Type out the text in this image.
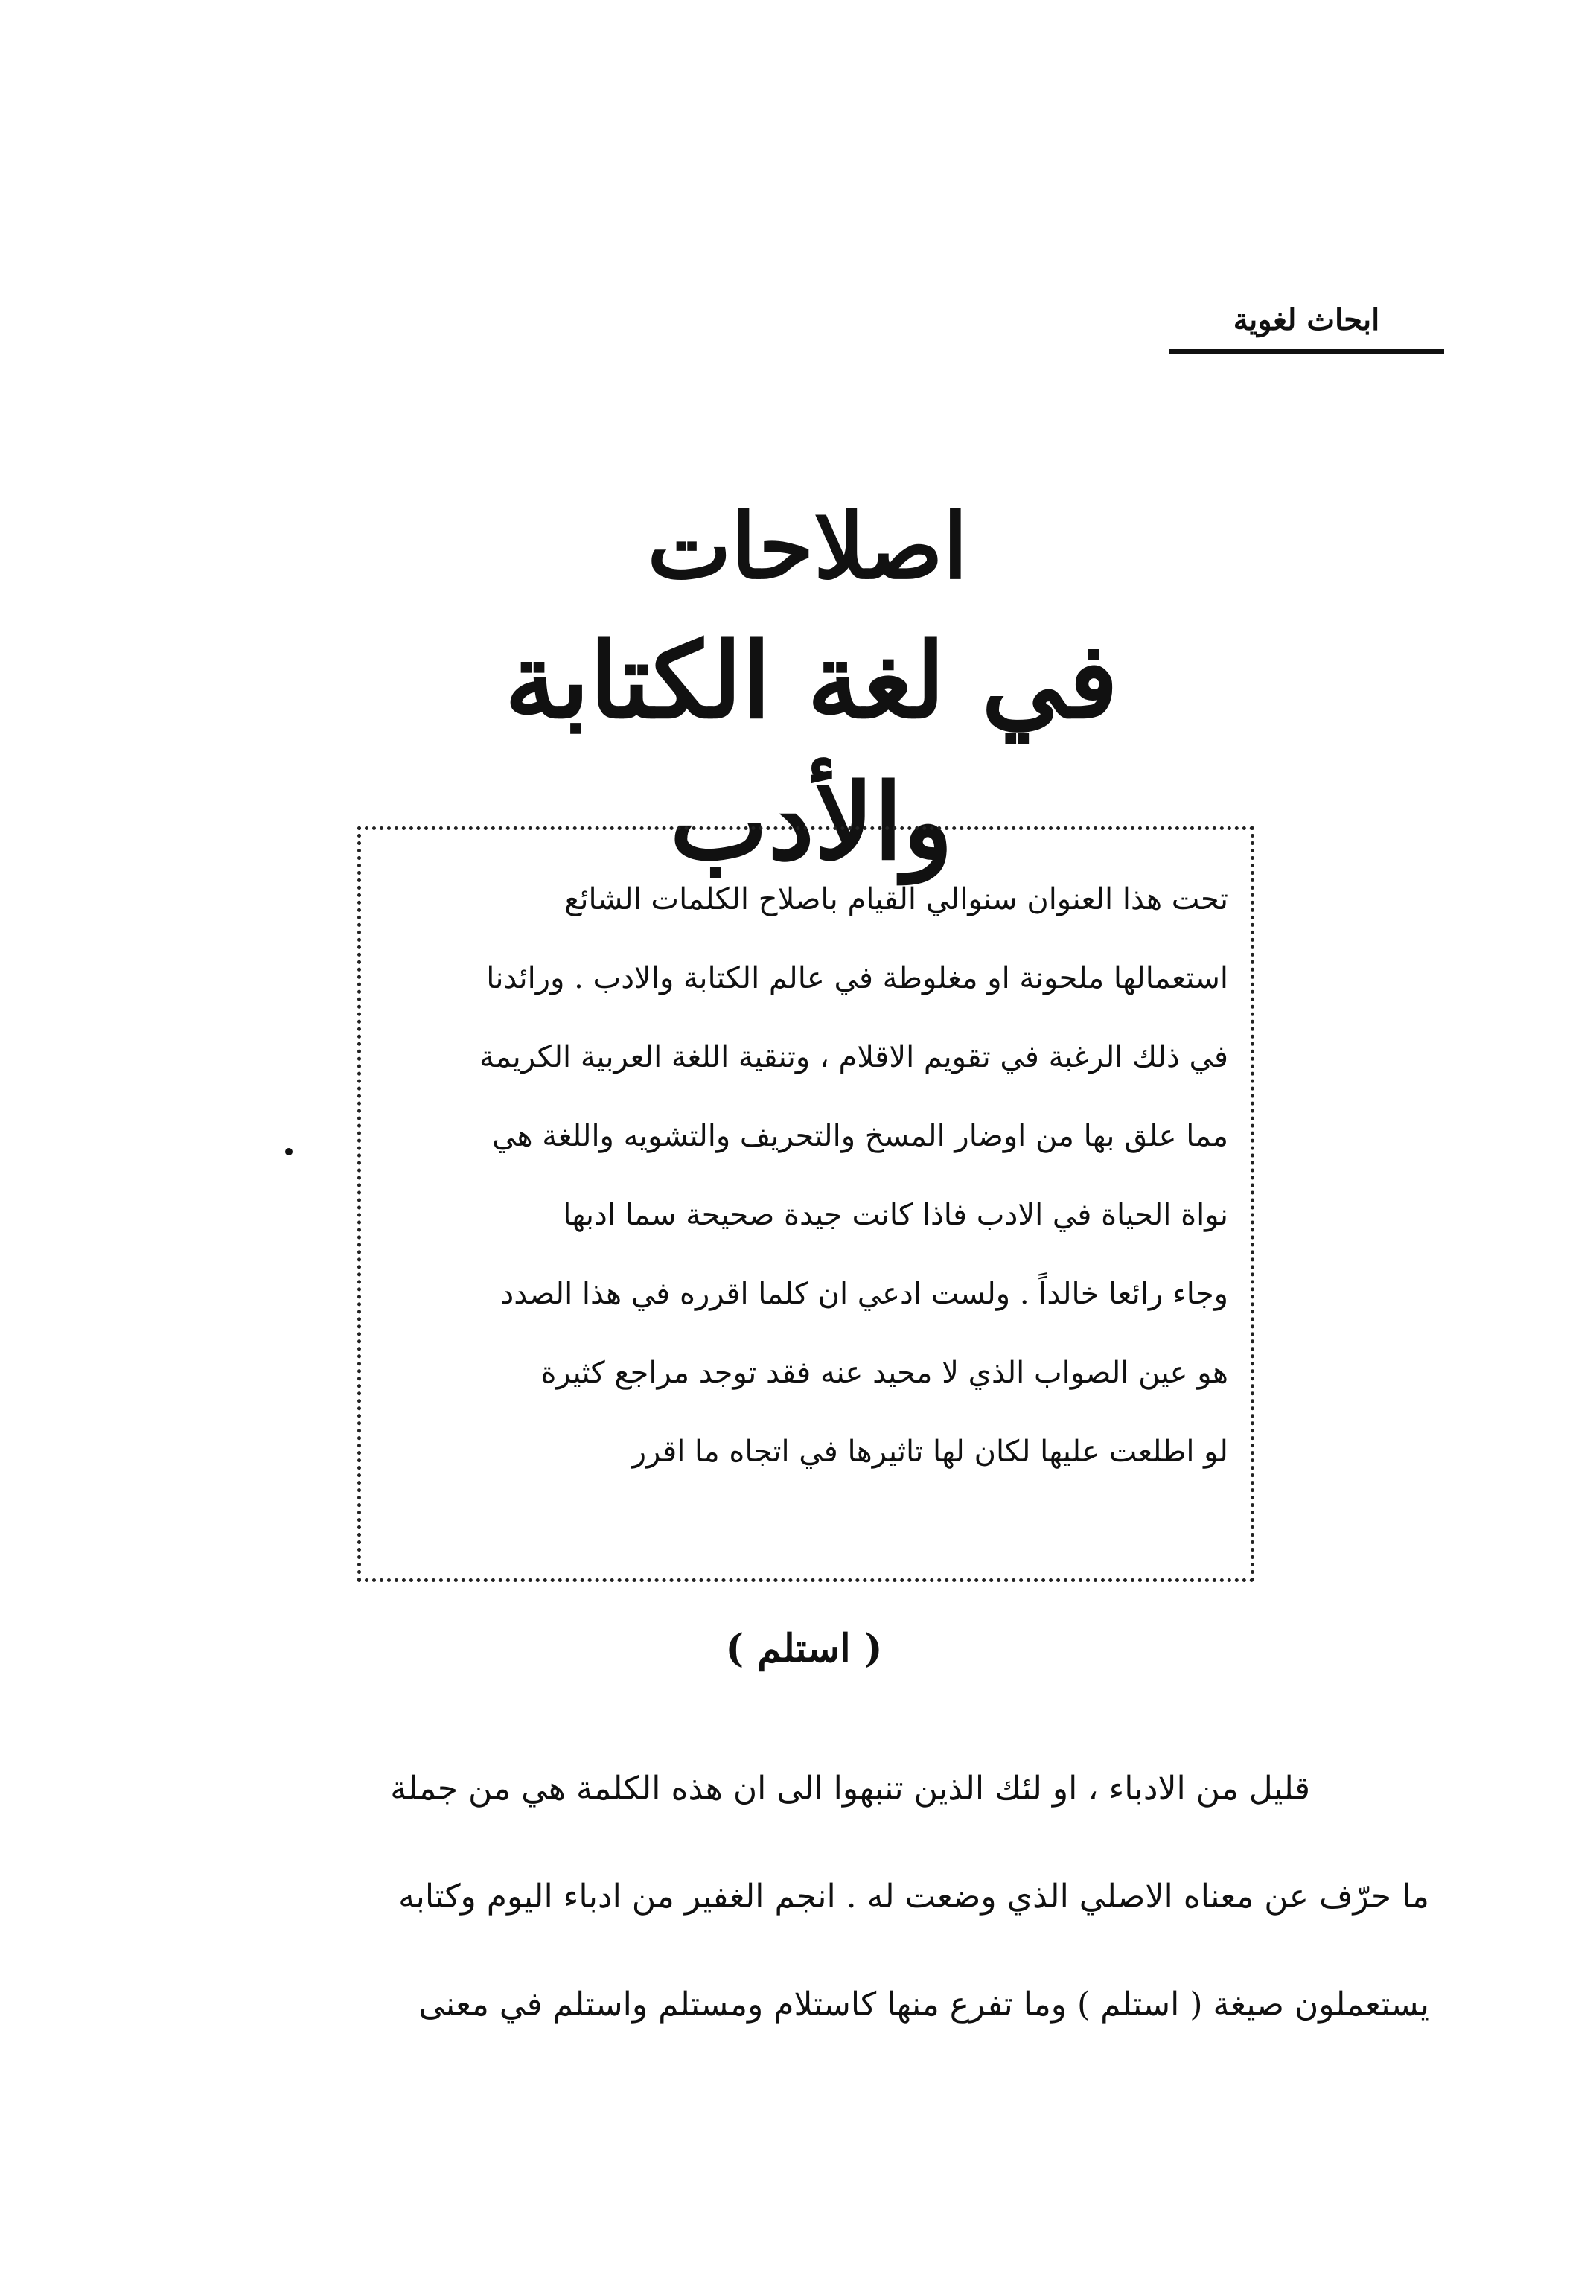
ابحاث لغوية
اصلاحات
في لغة الكتابة والأدب
تحت هذا العنوان سنوالي القيام باصلاح الكلمات الشائع
استعمالها ملحونة او مغلوطة في عالم الكتابة والادب . ورائدنا
في ذلك الرغبة في تقويم الاقلام ، وتنقية اللغة العربية الكريمة
مما علق بها من اوضار المسخ والتحريف والتشويه واللغة هي
نواة الحياة في الادب فاذا كانت جيدة صحيحة سما ادبها
وجاء رائعا خالداً . ولست ادعي ان كلما اقرره في هذا الصدد
هو عين الصواب الذي لا محيد عنه فقد توجد مراجع كثيرة
لو اطلعت عليها لكان لها تاثيرها في اتجاه ما اقرر
( استلم )
قليل من الادباء ، او لئك الذين تنبهوا الى ان هذه الكلمة هي من جملة
ما حرّف عن معناه الاصلي الذي وضعت له . انجم الغفير من ادباء اليوم وكتابه
يستعملون صيغة ( استلم ) وما تفرع منها كاستلام ومستلم واستلم في معنى
